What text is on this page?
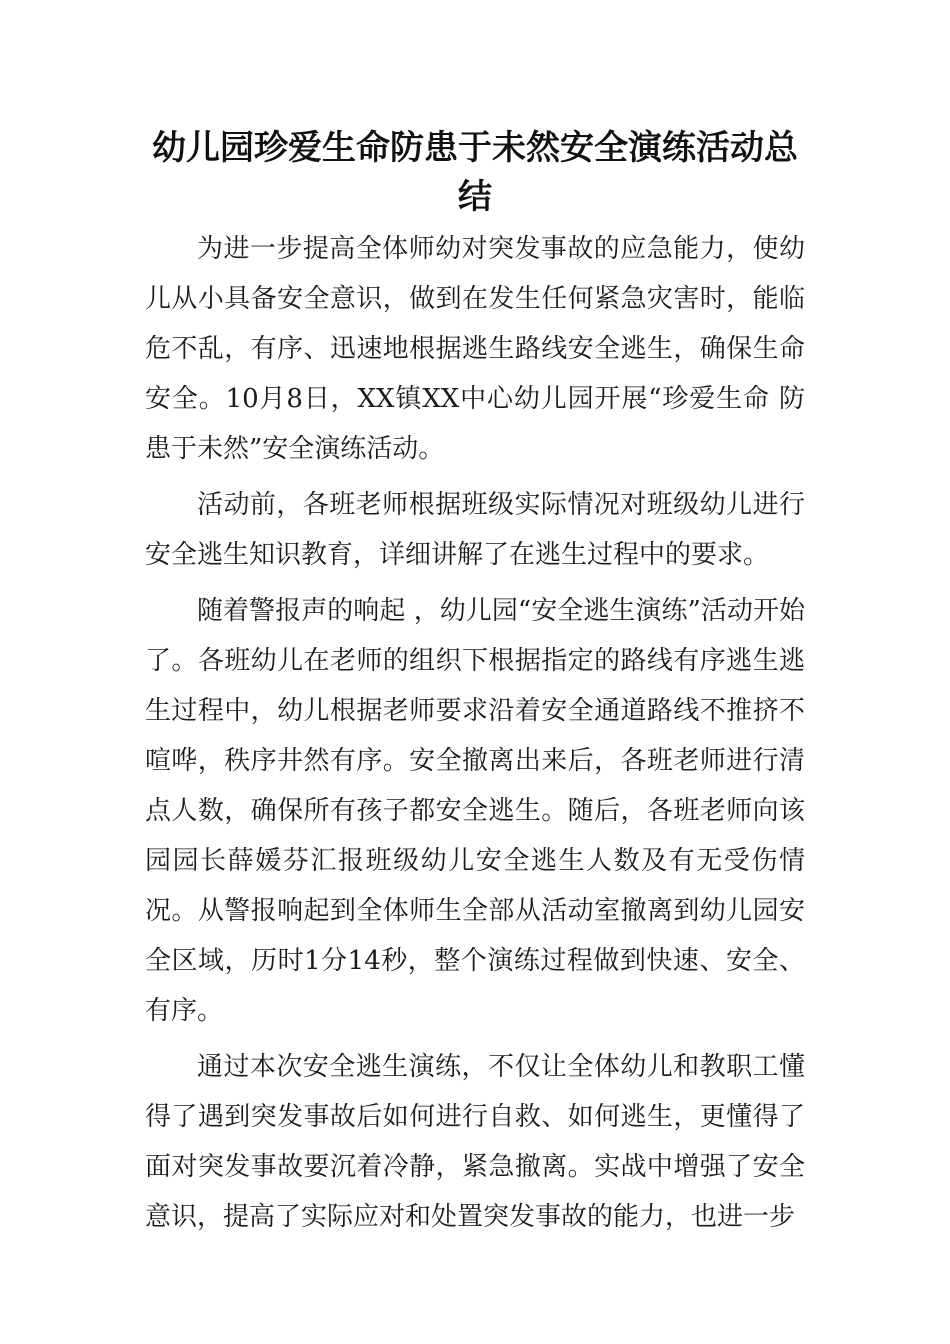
幼儿园珍爱生命防患于未然安全演练活动总结

为进一步提高全体师幼对突发事故的应急能力，使幼儿从小具备安全意识，做到在发生任何紧急灾害时，能临危不乱，有序、迅速地根据逃生路线安全逃生，确保生命安全。10月8日，XX镇XX中心幼儿园开展“珍爱生命 防患于未然”安全演练活动。

活动前，各班老师根据班级实际情况对班级幼儿进行安全逃生知识教育，详细讲解了在逃生过程中的要求。

随着警报声的响起 ，幼儿园“安全逃生演练”活动开始了。各班幼儿在老师的组织下根据指定的路线有序逃生逃生过程中，幼儿根据老师要求沿着安全通道路线不推挤不喧哗，秩序井然有序。安全撤离出来后，各班老师进行清点人数，确保所有孩子都安全逃生。随后，各班老师向该园园长薛媛芬汇报班级幼儿安全逃生人数及有无受伤情况。从警报响起到全体师生全部从活动室撤离到幼儿园安全区域，历时1分14秒，整个演练过程做到快速、安全、有序。

通过本次安全逃生演练，不仅让全体幼儿和教职工懂得了遇到突发事故后如何进行自救、如何逃生，更懂得了面对突发事故要沉着冷静，紧急撤离。实战中增强了安全意识，提高了实际应对和处置突发事故的能力，也进一步
